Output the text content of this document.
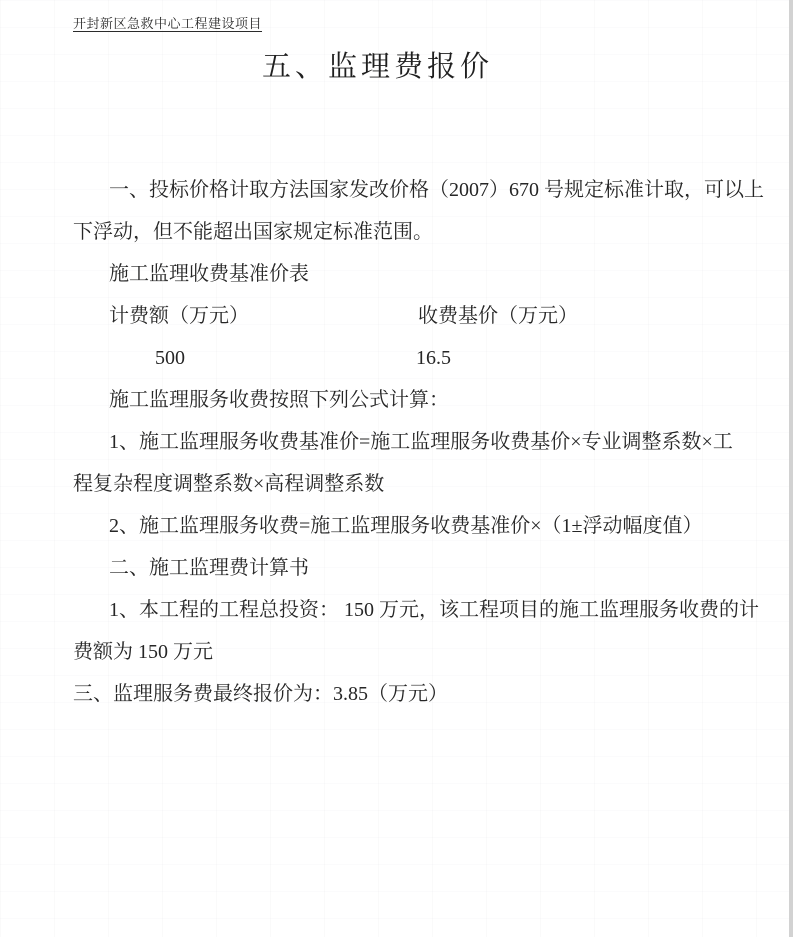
开封新区急救中心工程建设项目
五、监理费报价
一、投标价格计取方法国家发改价格（2007）670 号规定标准计取，可以上
下浮动，但不能超出国家规定标准范围。
施工监理收费基准价表
计费额（万元）	收费基价（万元）
500	16.5
施工监理服务收费按照下列公式计算：
1、施工监理服务收费基准价=施工监理服务收费基价×专业调整系数×工
程复杂程度调整系数×高程调整系数
2、施工监理服务收费=施工监理服务收费基准价×（1±浮动幅度值）
二、施工监理费计算书
1、本工程的工程总投资： 150 万元，该工程项目的施工监理服务收费的计
费额为 150 万元
三、监理服务费最终报价为：3.85（万元）
